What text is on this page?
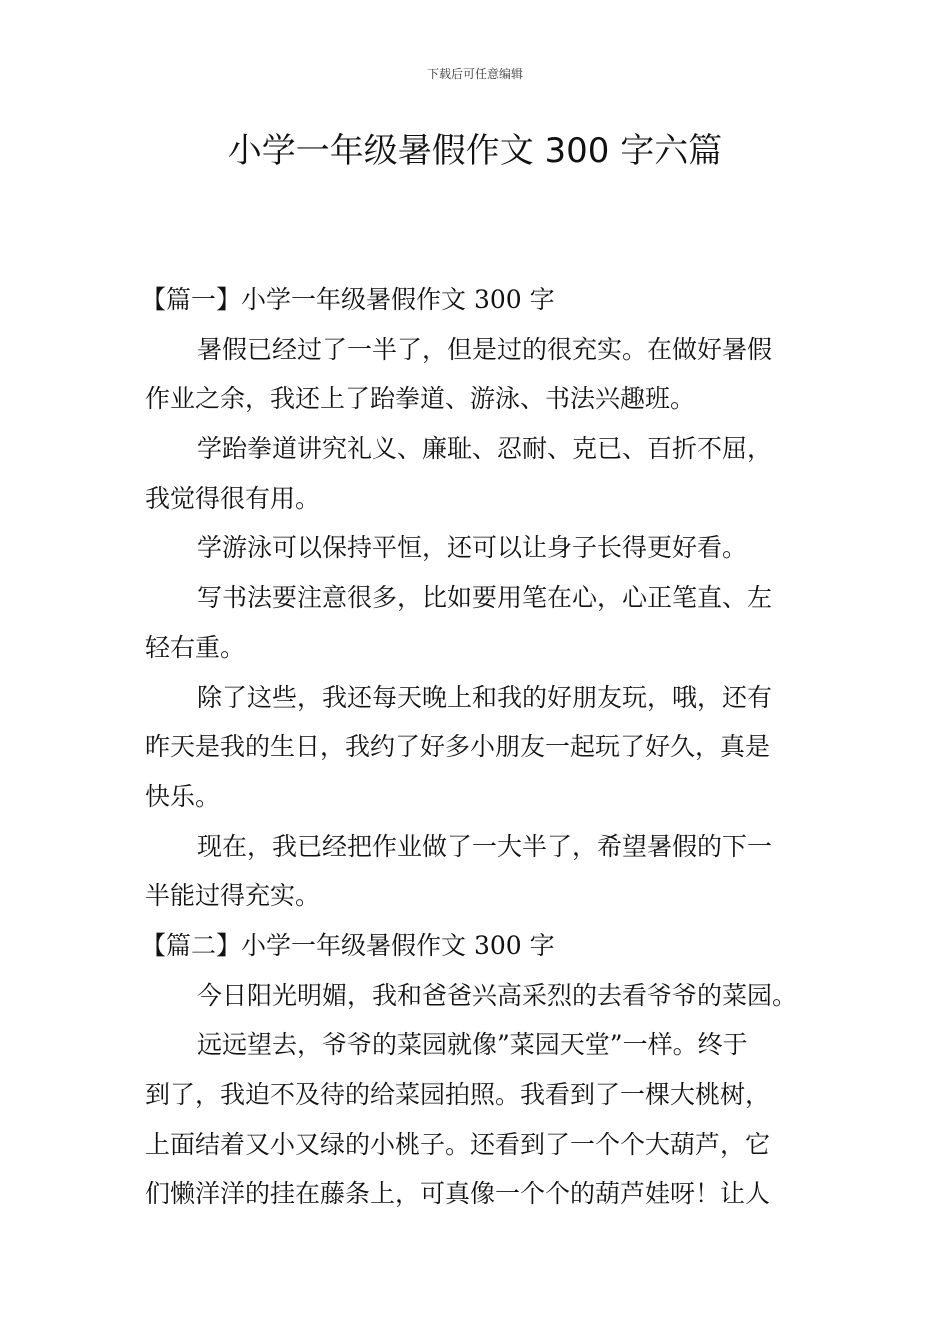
下载后可任意编辑
小学一年级暑假作文 300 字六篇
【篇一】小学一年级暑假作文 300 字
暑假已经过了一半了，但是过的很充实。在做好暑假
作业之余，我还上了跆拳道、游泳、书法兴趣班。
学跆拳道讲究礼义、廉耻、忍耐、克已、百折不屈，
我觉得很有用。
学游泳可以保持平恒，还可以让身子长得更好看。
写书法要注意很多，比如要用笔在心，心正笔直、左
轻右重。
除了这些，我还每天晚上和我的好朋友玩，哦，还有
昨天是我的生日，我约了好多小朋友一起玩了好久，真是
快乐。
现在，我已经把作业做了一大半了，希望暑假的下一
半能过得充实。
【篇二】小学一年级暑假作文 300 字
今日阳光明媚，我和爸爸兴高采烈的去看爷爷的菜园。
远远望去，爷爷的菜园就像”菜园天堂”一样。终于
到了，我迫不及待的给菜园拍照。我看到了一棵大桃树，
上面结着又小又绿的小桃子。还看到了一个个大葫芦，它
们懒洋洋的挂在藤条上，可真像一个个的葫芦娃呀！让人
